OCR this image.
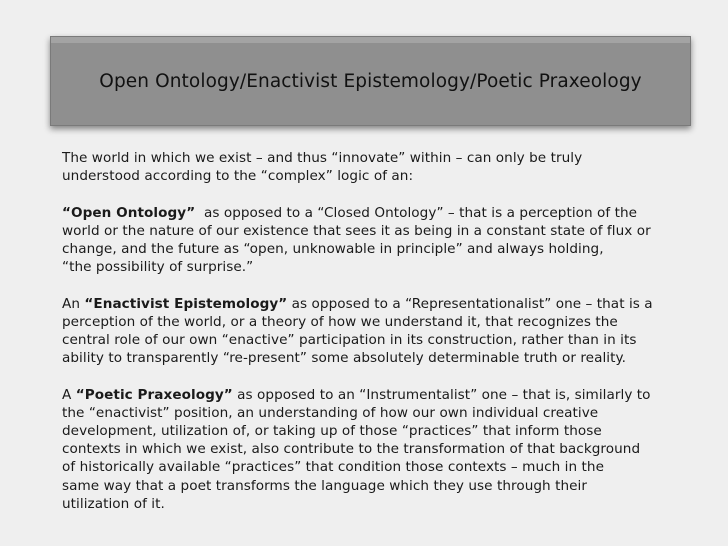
Open Ontology/Enactivist Epistemology/Poetic Praxeology
The world in which we exist – and thus “innovate” within – can only be truly
understood according to the “complex” logic of an:
“Open Ontology”  as opposed to a “Closed Ontology” – that is a perception of the
world or the nature of our existence that sees it as being in a constant state of flux or
change, and the future as “open, unknowable in principle” and always holding,
“the possibility of surprise.”
An “Enactivist Epistemology” as opposed to a “Representationalist” one – that is a
perception of the world, or a theory of how we understand it, that recognizes the
central role of our own “enactive” participation in its construction, rather than in its
ability to transparently “re-present” some absolutely determinable truth or reality.
A “Poetic Praxeology” as opposed to an “Instrumentalist” one – that is, similarly to
the “enactivist” position, an understanding of how our own individual creative
development, utilization of, or taking up of those “practices” that inform those
contexts in which we exist, also contribute to the transformation of that background
of historically available “practices” that condition those contexts – much in the
same way that a poet transforms the language which they use through their
utilization of it.
